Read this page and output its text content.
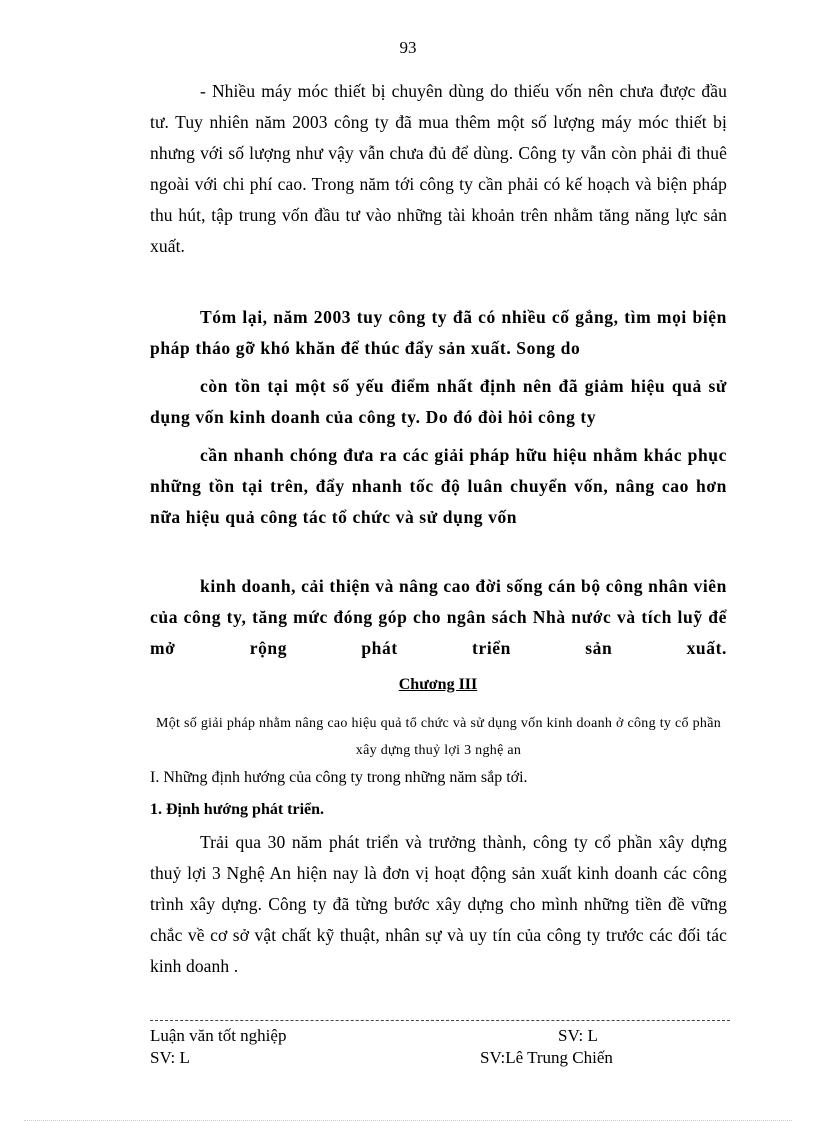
93

- Nhiều máy móc thiết bị chuyên dùng do thiếu vốn nên chưa được đầu tư. Tuy nhiên năm 2003 công ty đã mua thêm một số lượng máy móc thiết bị nhưng với số lượng như vậy vẫn chưa đủ để dùng. Công ty vẫn còn phải đi thuê ngoài với chi phí cao. Trong năm tới công ty cần phải có kế hoạch và biện pháp thu hút, tập trung vốn đầu tư vào những tài khoản trên nhằm tăng năng lực sản xuất.

Tóm lại, năm 2003 tuy công ty đã có nhiều cố gắng, tìm mọi biện pháp tháo gỡ khó khăn để thúc đẩy sản xuất. Song do

còn tồn tại một số yếu điểm nhất định nên đã giảm hiệu quả sử dụng vốn kinh doanh của công ty. Do đó đòi hỏi công ty

cần nhanh chóng đưa ra các giải pháp hữu hiệu nhằm khác phục những tồn tại trên, đẩy nhanh tốc độ luân chuyển vốn, nâng cao hơn nữa hiệu quả công tác tổ chức và sử dụng vốn

kinh doanh, cải thiện và nâng cao đời sống cán bộ công nhân viên của công ty, tăng mức đóng góp cho ngân sách Nhà nước và tích luỹ để mở rộng phát triển sản xuất.

Chương III
Một số giải pháp nhằm nâng cao hiệu quả tổ chức và sử dụng vốn kinh doanh ở công ty cổ phần xây dựng thuỷ lợi 3 nghệ an
I. Những định hướng của công ty trong những năm sắp tới.
1. Định hướng phát triển.

Trải qua 30 năm phát triển và trưởng thành, công ty cổ phần xây dựng thuỷ lợi 3 Nghệ An hiện nay là đơn vị hoạt động sản xuất kinh doanh các công trình xây dựng. Công ty đã từng bước xây dựng cho mình những tiền đề vững chắc về cơ sở vật chất kỹ thuật, nhân sự và uy tín của công ty trước các đối tác kinh doanh .

Luận văn tốt nghiệp	SV: L
SV: L	SV:Lê Trung Chiến
